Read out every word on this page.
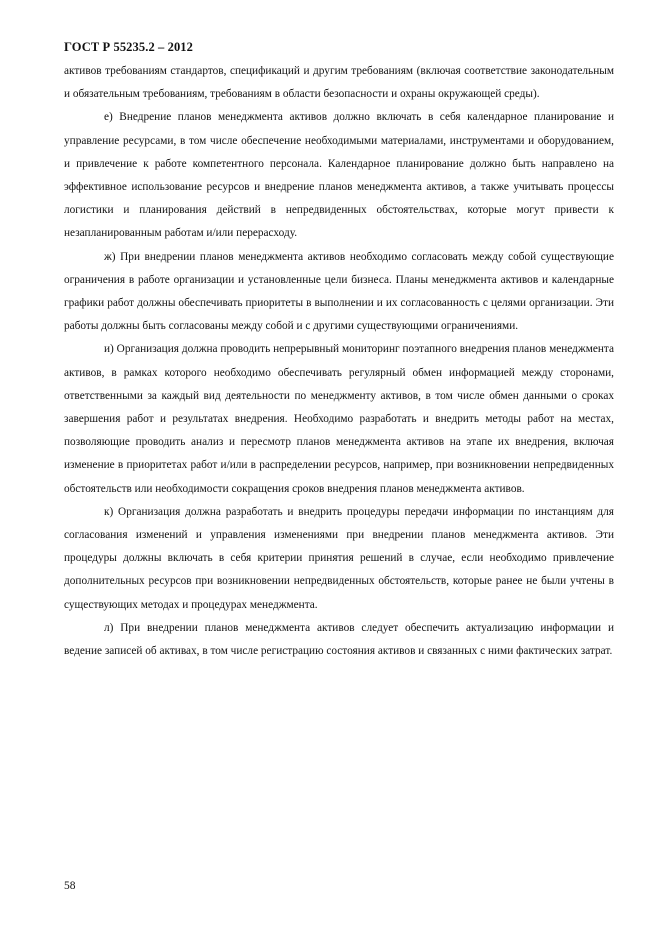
ГОСТ Р 55235.2 – 2012

активов требованиям стандартов, спецификаций и другим требованиям (включая соответствие законодательным и обязательным требованиям, требованиям в области безопасности и охраны окружающей среды).

е) Внедрение планов менеджмента активов должно включать в себя календарное планирование и управление ресурсами, в том числе обеспечение необходимыми материалами, инструментами и оборудованием, и привлечение к работе компетентного персонала. Календарное планирование должно быть направлено на эффективное использование ресурсов и внедрение планов менеджмента активов, а также учитывать процессы логистики и планирования действий в непредвиденных обстоятельствах, которые могут привести к незапланированным работам и/или перерасходу.

ж) При внедрении планов менеджмента активов необходимо согласовать между собой существующие ограничения в работе организации и установленные цели бизнеса. Планы менеджмента активов и календарные графики работ должны обеспечивать приоритеты в выполнении и их согласованность с целями организации. Эти работы должны быть согласованы между собой и с другими существующими ограничениями.

и) Организация должна проводить непрерывный мониторинг поэтапного внедрения планов менеджмента активов, в рамках которого необходимо обеспечивать регулярный обмен информацией между сторонами, ответственными за каждый вид деятельности по менеджменту активов, в том числе обмен данными о сроках завершения работ и результатах внедрения. Необходимо разработать и внедрить методы работ на местах, позволяющие проводить анализ и пересмотр планов менеджмента активов на этапе их внедрения, включая изменение в приоритетах работ и/или в распределении ресурсов, например, при возникновении непредвиденных обстоятельств или необходимости сокращения сроков внедрения планов менеджмента активов.

к) Организация должна разработать и внедрить процедуры передачи информации по инстанциям для согласования изменений и управления изменениями при внедрении планов менеджмента активов. Эти процедуры должны включать в себя критерии принятия решений в случае, если необходимо привлечение дополнительных ресурсов при возникновении непредвиденных обстоятельств, которые ранее не были учтены в существующих методах и процедурах менеджмента.

л) При внедрении планов менеджмента активов следует обеспечить актуализацию информации и ведение записей об активах, в том числе регистрацию состояния активов и связанных с ними фактических затрат.

58
